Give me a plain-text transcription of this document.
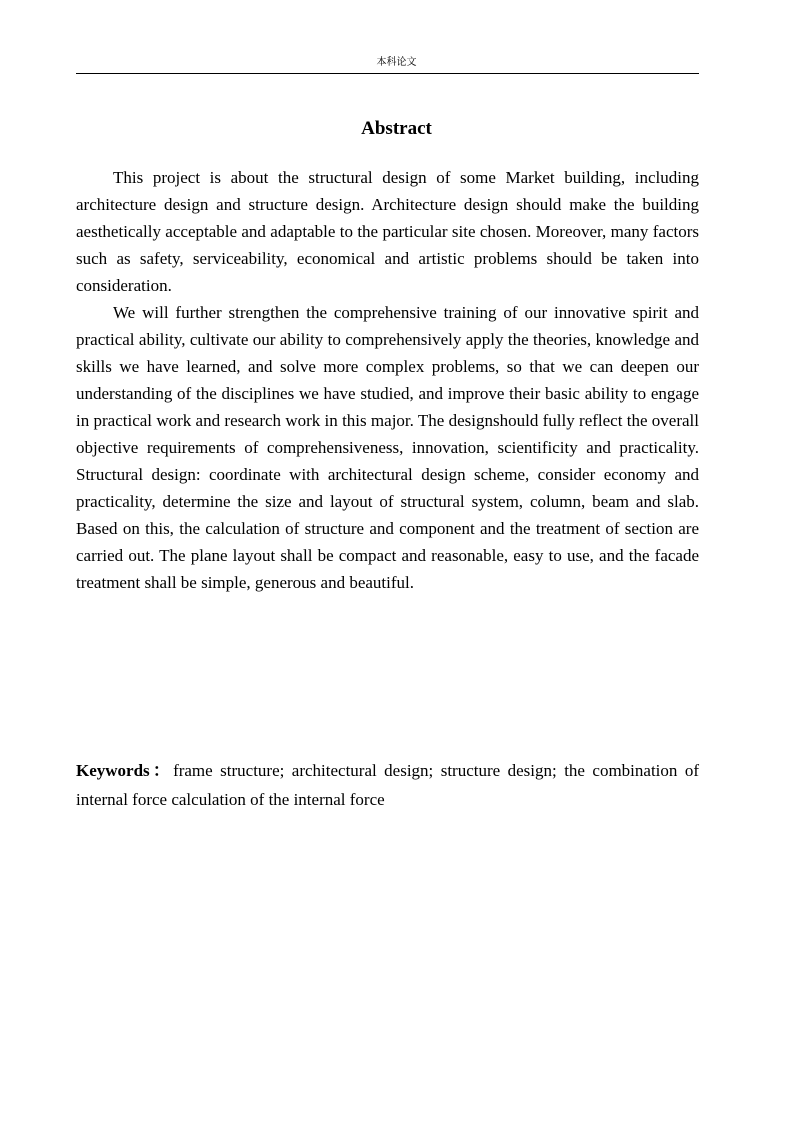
本科论文
Abstract

This project is about the structural design of some Market building, including architecture design and structure design. Architecture design should make the building aesthetically acceptable and adaptable to the particular site chosen. Moreover, many factors such as safety, serviceability, economical and artistic problems should be taken into consideration.

We will further strengthen the comprehensive training of our innovative spirit and practical ability, cultivate our ability to comprehensively apply the theories, knowledge and skills we have learned, and solve more complex problems, so that we can deepen our understanding of the disciplines we have studied, and improve their basic ability to engage in practical work and research work in this major. The designshould fully reflect the overall objective requirements of comprehensiveness, innovation, scientificity and practicality. Structural design: coordinate with architectural design scheme, consider economy and practicality, determine the size and layout of structural system, column, beam and slab. Based on this, the calculation of structure and component and the treatment of section are carried out. The plane layout shall be compact and reasonable, easy to use, and the facade treatment shall be simple, generous and beautiful.

Keywords：frame structure; architectural design; structure design; the combination of internal force calculation of the internal force
